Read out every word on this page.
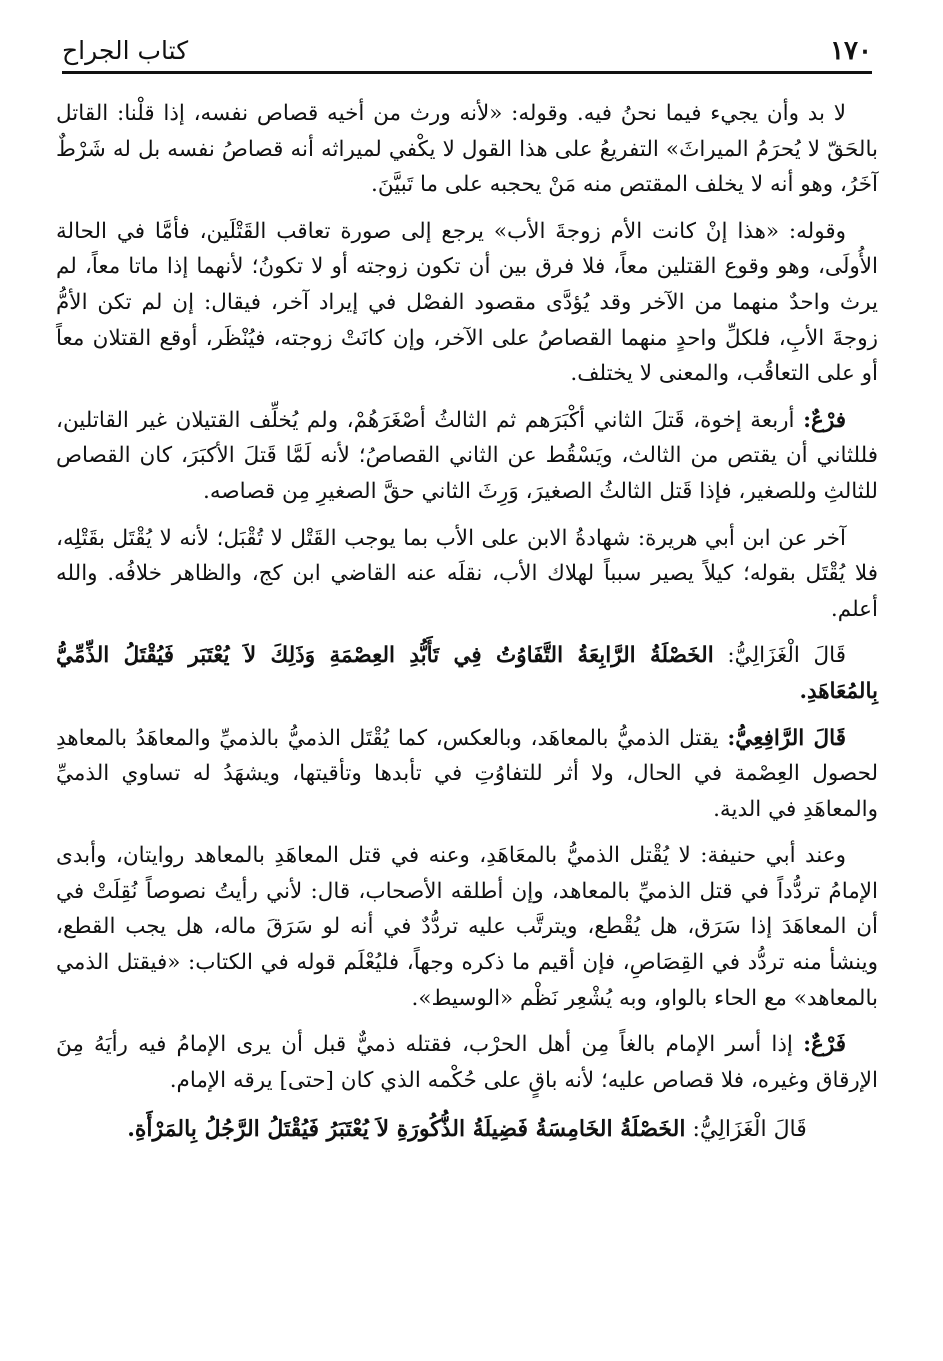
١٧٠
كتاب الجراح

لا بد وأن يجيء فيما نحنُ فيه. وقوله: «لأنه ورث من أخيه قصاص نفسه، إذا قلْنا: القاتل بالحَقّ لا يُحرَمُ الميراثَ» التفريعُ على هذا القول لا يكْفي لميراثه أنه قصاصُ نفسه بل له شَرْطٌ آخَرُ، وهو أنه لا يخلف المقتص منه مَنْ يحجبه على ما تَبيَّنَ.

وقوله: «هذا إنْ كانت الأم زوجةَ الأب» يرجع إلى صورة تعاقب القَتْلَين، فأمَّا في الحالة الأُولَى، وهو وقوع القتلين معاً، فلا فرق بين أن تكون زوجته أو لا تكونُ؛ لأنهما إذا ماتا معاً، لم يرث واحدٌ منهما من الآخر وقد يُؤدَّى مقصود الفصْل في إيراد آخر، فيقال: إن لم تكن الأمُّ زوجةَ الأبِ، فلكلِّ واحدٍ منهما القصاصُ على الآخر، وإن كانَتْ زوجته، فيُنْظَر، أوقع القتلان معاً أو على التعاقُب، والمعنى لا يختلف.

فرْعٌ: أربعة إخوة، قَتلَ الثاني أكْبَرَهم ثم الثالثُ أصْغَرَهُمْ، ولم يُخلِّف القتيلان غير القاتلين، فللثاني أن يقتص من الثالث، ويَسْقُط عن الثاني القصاصُ؛ لأنه لَمَّا قَتلَ الأكبَرَ، كان القصاص للثالثِ وللصغير، فإذا قَتل الثالثُ الصغيرَ، وَرِثَ الثاني حقَّ الصغيرِ مِن قصاصه.

آخر عن ابن أبي هريرة: شهادةُ الابن على الأب بما يوجب القَتْل لا تُقْبَل؛ لأنه لا يُقْتَل بقَتْلِه، فلا يُقْتَل بقوله؛ كيلاً يصير سبباً لهلاك الأب، نقلَه عنه القاضي ابن كج، والظاهر خلافُه. والله أعلم.

قَالَ الْغَزَالِيُّ: الخَصْلَةُ الرَّابِعَةُ التَّفَاوُتُ فِي تَأَبُّدِ العِصْمَةِ وَذَلِكَ لاَ يُعْتَبَر فَيُقْتَلُ الذِّمِّيُّ بِالمُعَاهَدِ.

قَالَ الرَّافِعِيُّ: يقتل الذميُّ بالمعاهَد، وبالعكس، كما يُقْتَل الذميُّ بالذميِّ والمعاهَدُ بالمعاهدِ لحصول العِصْمة في الحال، ولا أثر للتفاوُتِ في تأبدها وتأقيتها، ويشهَدُ له تساوي الذميِّ والمعاهَدِ في الدية.

وعند أبي حنيفة: لا يُقْتل الذميُّ بالمعَاهَدِ، وعنه في قتل المعاهَدِ بالمعاهد روايتان، وأبدى الإمامُ تردُّداً في قتل الذميِّ بالمعاهد، وإن أطلقه الأصحاب، قال: لأني رأيتُ نصوصاً نُقِلَتْ في أن المعاهَدَ إذا سَرَق، هل يُقْطع، ويترتَّب عليه تردُّدٌ في أنه لو سَرَقَ ماله، هل يجب القطع، وينشأ منه تردُّد في القِصَاصِ، فإن أقيم ما ذكره وجهاً، فليُعْلَم قوله في الكتاب: «فيقتل الذمي بالمعاهد» مع الحاء بالواو، وبه يُشْعِر نَظْم «الوسيط».

فَرْعٌ: إذا أسر الإمام بالغاً مِن أهل الحرْب، فقتله ذميٌّ قبل أن يرى الإمامُ فيه رأيَهُ مِنَ الإرقاق وغيره، فلا قصاص عليه؛ لأنه باقٍ على حُكْمه الذي كان [حتى] يرقه الإمام.

قَالَ الْغَزَالِيُّ: الخَصْلَةُ الخَامِسَةُ فَضِيلَةُ الذُّكُورَةِ لاَ يُعْتَبَرُ فَيُقْتَلُ الرَّجُلُ بِالمَرْأَةِ.
